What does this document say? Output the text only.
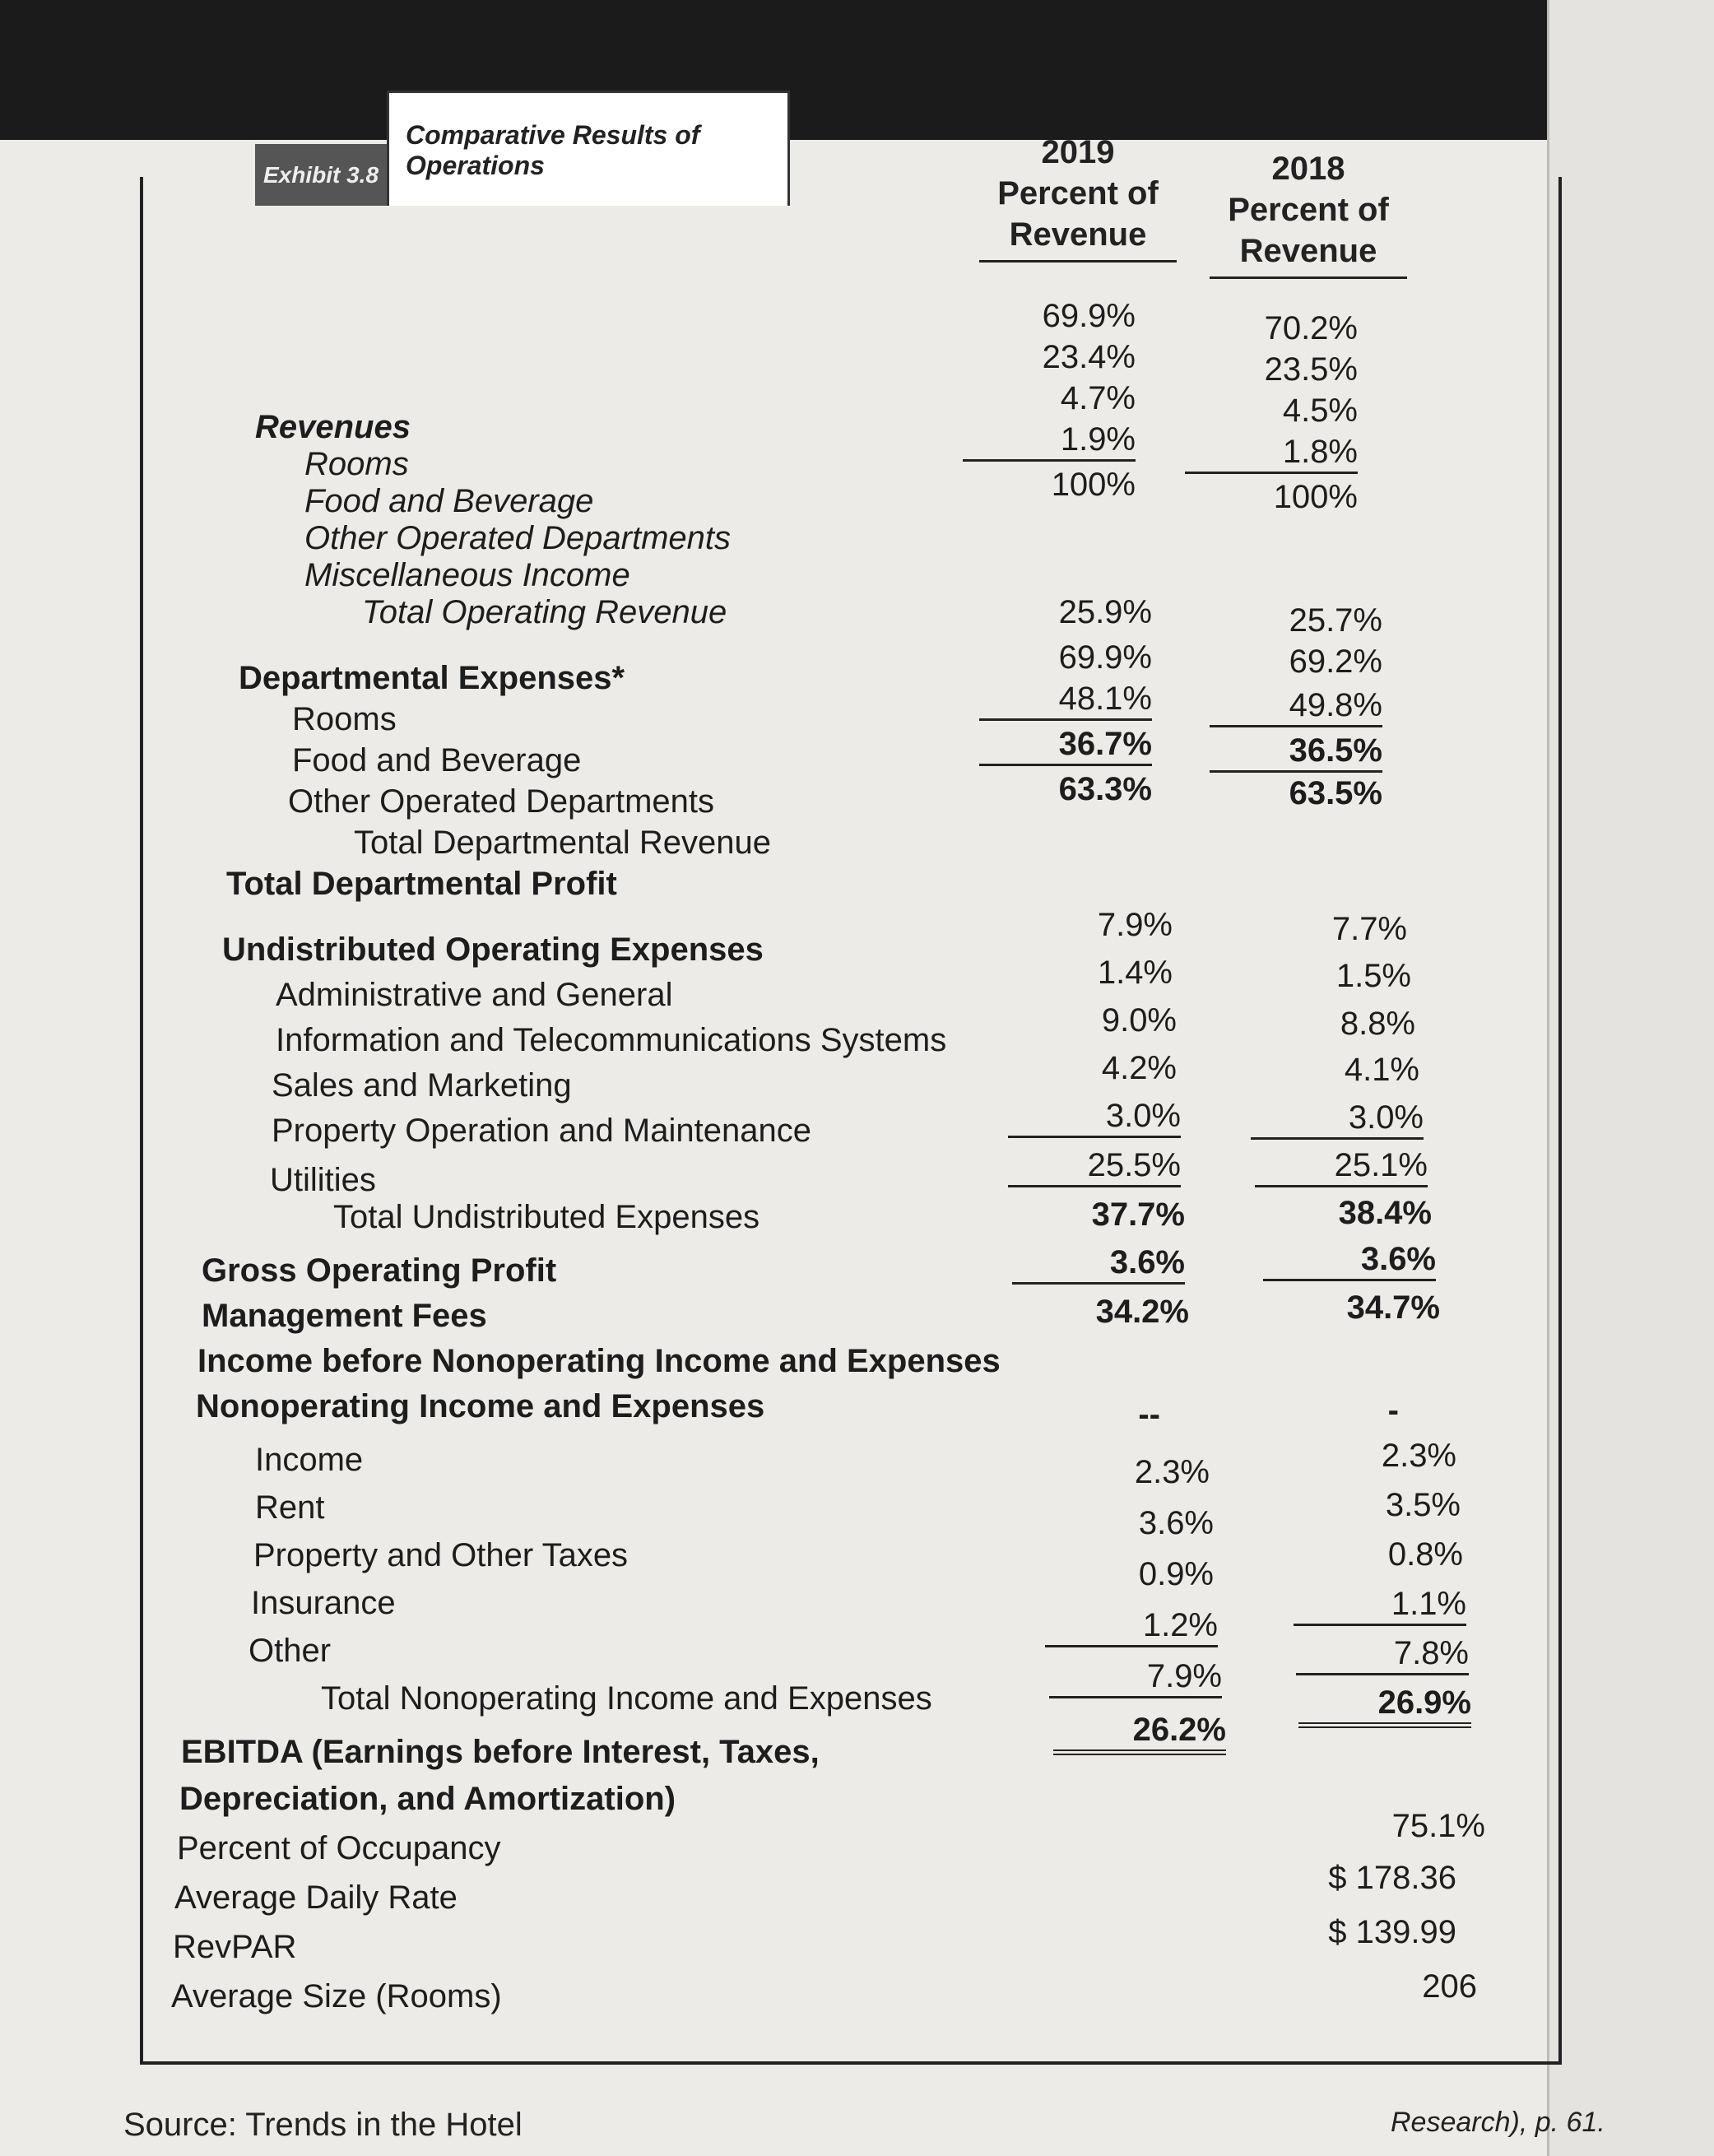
Comparative Results of Operations
Exhibit 3.8
2019
Percent of
Revenue
2018
Percent of
Revenue
Revenues
Rooms
Food and Beverage
Other Operated Departments
Miscellaneous Income
Total Operating Revenue
69.9%
23.4%
4.7%
1.9%
100%
70.2%
23.5%
4.5%
1.8%
100%
Departmental Expenses*
Rooms
Food and Beverage
Other Operated Departments
Total Departmental Revenue
Total Departmental Profit
25.9%
69.9%
48.1%
36.7%
63.3%
25.7%
69.2%
49.8%
36.5%
63.5%
Undistributed Operating Expenses
Administrative and General
Information and Telecommunications Systems
Sales and Marketing
Property Operation and Maintenance
Utilities
Total Undistributed Expenses
Gross Operating Profit
Management Fees
Income before Nonoperating Income and Expenses
7.9%
1.4%
9.0%
4.2%
3.0%
25.5%
37.7%
3.6%
34.2%
7.7%
1.5%
8.8%
4.1%
3.0%
25.1%
38.4%
3.6%
34.7%
Nonoperating Income and Expenses
Income
Rent
Property and Other Taxes
Insurance
Other
Total Nonoperating Income and Expenses
EBITDA (Earnings before Interest, Taxes,
Depreciation, and Amortization)
Percent of Occupancy
Average Daily Rate
RevPAR
Average Size (Rooms)
--
2.3%
3.6%
0.9%
1.2%
7.9%
26.2%
-
2.3%
3.5%
0.8%
1.1%
7.8%
26.9%
75.1%
$ 178.36
$ 139.99
206
Source: Trends in the Hotel	Research), p. 61.
